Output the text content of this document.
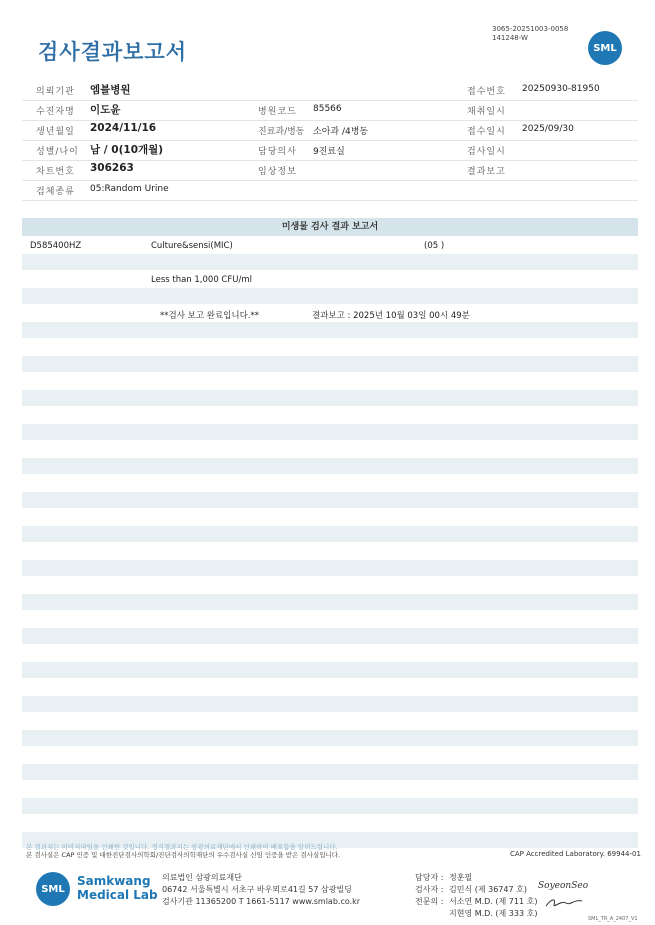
검사결과보고서
3065-20251003-0058
141248-W
SML
의뢰기관 엠블병원	접수번호 20250930-81950
수진자명 이도윤	병원코드 85566	채취일시
생년월일 2024/11/16	진료과/병동 소아과 /4병동	접수일시 2025/09/30
성별/나이 남 / 0(10개월)	담당의사 9진료실	검사일시
차트번호 306263	임상정보	결과보고
검체종류 05:Random Urine
미생물 검사 결과 보고서
D585400HZ	Culture&sensi(MIC)	(05 )
Less than 1,000 CFU/ml
**검사 보고 완료입니다.**	결과보고 : 2025년 10월 03일 00시 49분
본 결과지는 이미지파일을 인쇄한 것입니다. 정식결과지는 삼광의료재단에서 인쇄하여 배포함을 알려드립니다.
본 검사실은 CAP 인증 및 대한진단검사의학회/진단검사의학재단의 우수검사실 신임 인증을 받은 검사실입니다.	CAP Accredited Laboratory. 69944-01
SML
Samkwang
Medical Lab
의료법인 삼광의료재단
06742 서울특별시 서초구 바우뫼로41길 57 삼광빌딩
검사기관 11365200 T 1661-5117 www.smlab.co.kr
담당자 : 정훈필
검사자 : 김민식 (제 36747 호)
전문의 : 서소연 M.D. (제 711 호)
지현영 M.D. (제 333 호)
SoyeonSeo
SML_TR_A_2407_V1
